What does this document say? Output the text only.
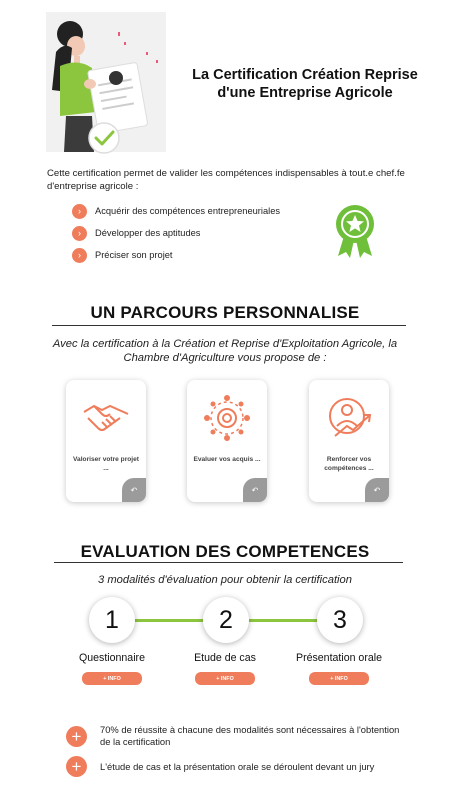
La Certification Création Reprise
d'une Entreprise Agricole

Cette certification permet de valider les compétences indispensables à tout.e chef.fe d'entreprise agricole :

›	Acquérir des compétences entrepreneuriales
›	Développer des aptitudes
›	Préciser son projet
UN PARCOURS PERSONNALISE

Avec la certification à la Création et Reprise d'Exploitation Agricole, la Chambre d'Agriculture vous propose de :

Valoriser votre projet ...
↶
Evaluer vos acquis ...
↶
Renforcer vos compétences ...
↶
EVALUATION DES COMPETENCES

3 modalités d'évaluation pour obtenir la certification

1	2	3
Questionnaire	Etude de cas	Présentation orale
+ INFO	+ INFO	+ INFO
+	70% de réussite à chacune des modalités sont nécessaires à l'obtention de la certification
+	L'étude de cas et la présentation orale se déroulent devant un jury
